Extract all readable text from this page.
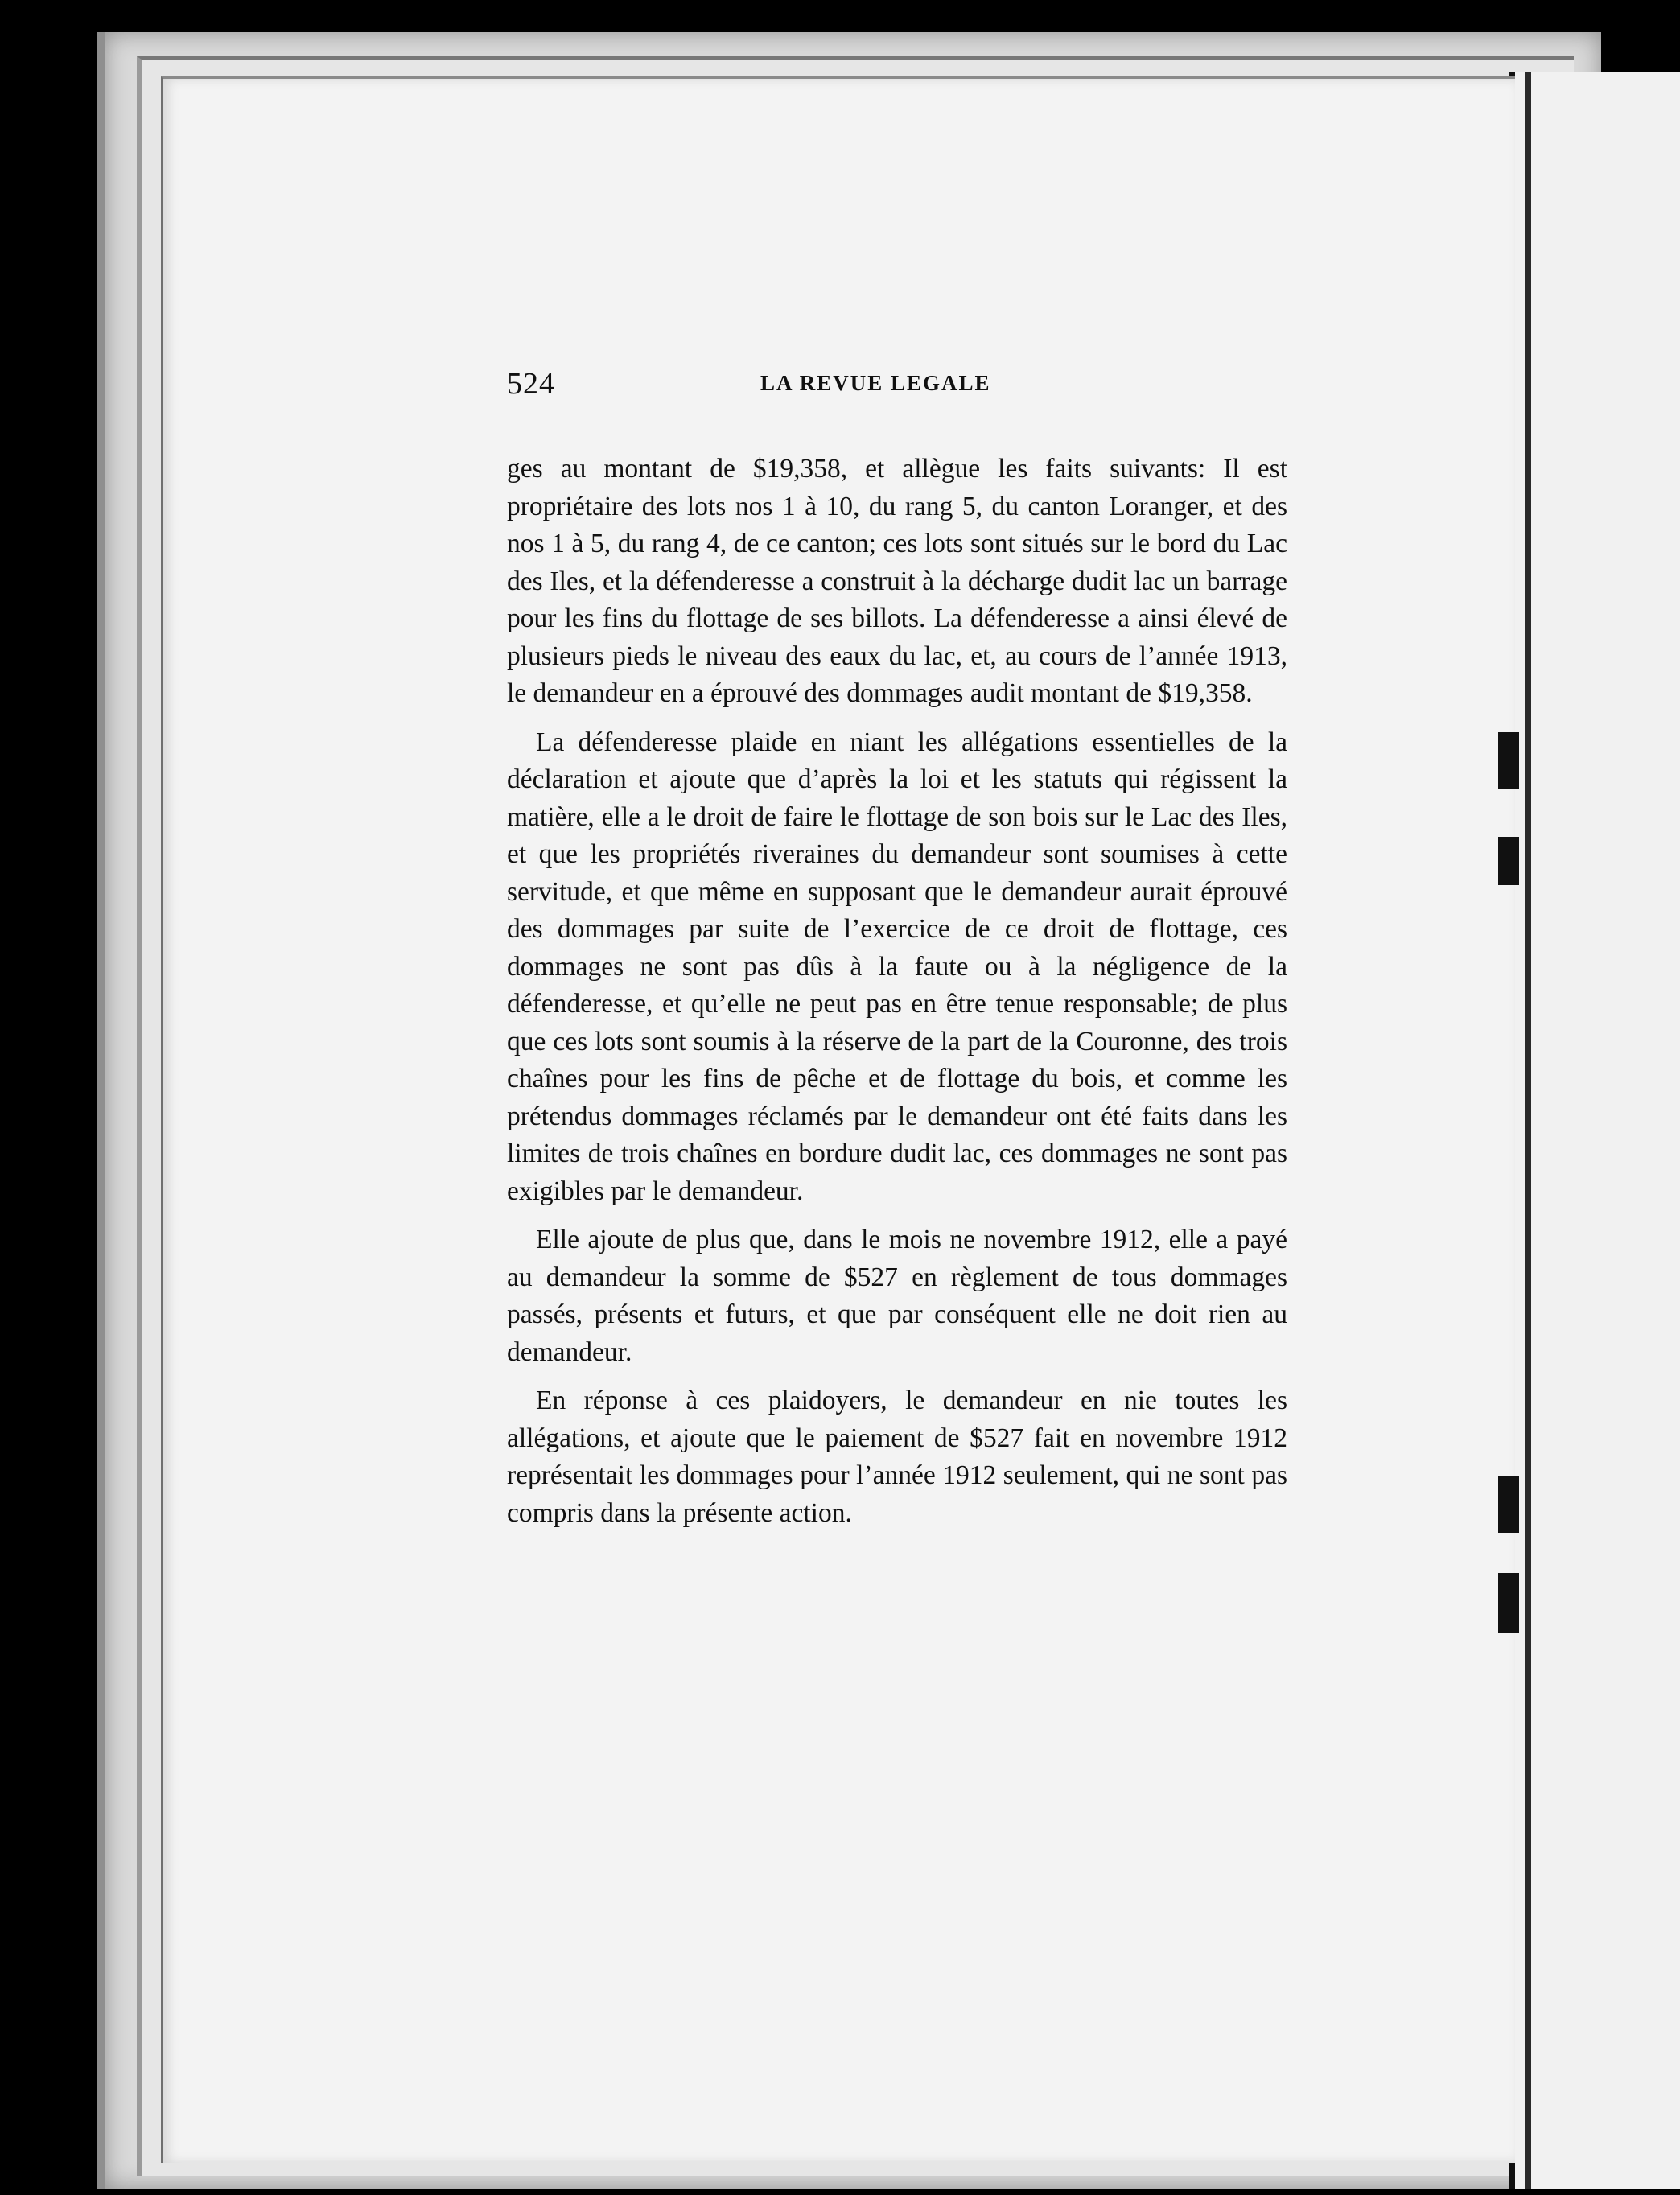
524	LA REVUE LEGALE

ges au montant de $19,358, et allègue les faits suivants: Il est propriétaire des lots nos 1 à 10, du rang 5, du canton Loranger, et des nos 1 à 5, du rang 4, de ce canton; ces lots sont situés sur le bord du Lac des Iles, et la défenderesse a construit à la décharge dudit lac un barrage pour les fins du flottage de ses billots. La défenderesse a ainsi élevé de plusieurs pieds le niveau des eaux du lac, et, au cours de l’année 1913, le demandeur en a éprouvé des dommages audit montant de $19,358.

La défenderesse plaide en niant les allégations essentielles de la déclaration et ajoute que d’après la loi et les statuts qui régissent la matière, elle a le droit de faire le flottage de son bois sur le Lac des Iles, et que les propriétés riveraines du demandeur sont soumises à cette servitude, et que même en supposant que le demandeur aurait éprouvé des dommages par suite de l’exercice de ce droit de flottage, ces dommages ne sont pas dûs à la faute ou à la négligence de la défenderesse, et qu’elle ne peut pas en être tenue responsable; de plus que ces lots sont soumis à la réserve de la part de la Couronne, des trois chaînes pour les fins de pêche et de flottage du bois, et comme les prétendus dommages réclamés par le demandeur ont été faits dans les limites de trois chaînes en bordure dudit lac, ces dommages ne sont pas exigibles par le demandeur.

Elle ajoute de plus que, dans le mois ne novembre 1912, elle a payé au demandeur la somme de $527 en règlement de tous dommages passés, présents et futurs, et que par conséquent elle ne doit rien au demandeur.

En réponse à ces plaidoyers, le demandeur en nie toutes les allégations, et ajoute que le paiement de $527 fait en novembre 1912 représentait les dommages pour l’année 1912 seulement, qui ne sont pas compris dans la présente action.
